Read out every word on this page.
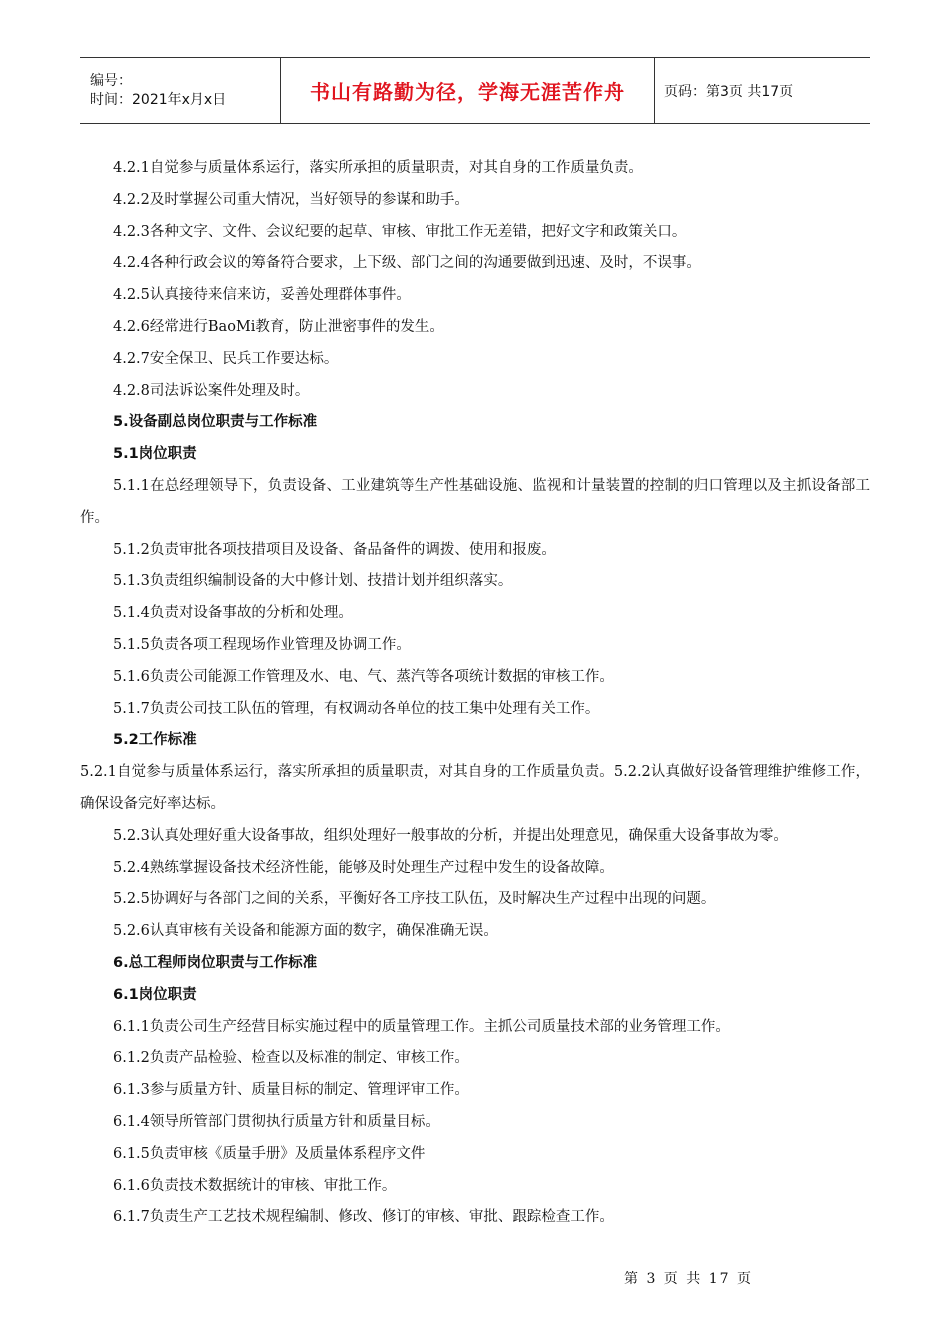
编号：
时间：2021年x月x日	书山有路勤为径，学海无涯苦作舟	页码：第3页 共17页

4.2.1自觉参与质量体系运行，落实所承担的质量职责，对其自身的工作质量负责。

4.2.2及时掌握公司重大情况，当好领导的参谋和助手。

4.2.3各种文字、文件、会议纪要的起草、审核、审批工作无差错，把好文字和政策关口。

4.2.4各种行政会议的筹备符合要求，上下级、部门之间的沟通要做到迅速、及时，不误事。

4.2.5认真接待来信来访，妥善处理群体事件。

4.2.6经常进行BaoMi教育，防止泄密事件的发生。

4.2.7安全保卫、民兵工作要达标。

4.2.8司法诉讼案件处理及时。

5.设备副总岗位职责与工作标准

5.1岗位职责

5.1.1在总经理领导下，负责设备、工业建筑等生产性基础设施、监视和计量装置的控制的归口管理以及主抓设备部工作。

5.1.2负责审批各项技措项目及设备、备品备件的调拨、使用和报废。

5.1.3负责组织编制设备的大中修计划、技措计划并组织落实。

5.1.4负责对设备事故的分析和处理。

5.1.5负责各项工程现场作业管理及协调工作。

5.1.6负责公司能源工作管理及水、电、气、蒸汽等各项统计数据的审核工作。

5.1.7负责公司技工队伍的管理，有权调动各单位的技工集中处理有关工作。

5.2工作标准

5.2.1自觉参与质量体系运行，落实所承担的质量职责，对其自身的工作质量负责。5.2.2认真做好设备管理维护维修工作，确保设备完好率达标。

5.2.3认真处理好重大设备事故，组织处理好一般事故的分析，并提出处理意见，确保重大设备事故为零。

5.2.4熟练掌握设备技术经济性能，能够及时处理生产过程中发生的设备故障。

5.2.5协调好与各部门之间的关系，平衡好各工序技工队伍，及时解决生产过程中出现的问题。

5.2.6认真审核有关设备和能源方面的数字，确保准确无误。

6.总工程师岗位职责与工作标准

6.1岗位职责

6.1.1负责公司生产经营目标实施过程中的质量管理工作。主抓公司质量技术部的业务管理工作。

6.1.2负责产品检验、检查以及标准的制定、审核工作。

6.1.3参与质量方针、质量目标的制定、管理评审工作。

6.1.4领导所管部门贯彻执行质量方针和质量目标。

6.1.5负责审核《质量手册》及质量体系程序文件

6.1.6负责技术数据统计的审核、审批工作。

6.1.7负责生产工艺技术规程编制、修改、修订的审核、审批、跟踪检查工作。

第 3 页 共 17 页
